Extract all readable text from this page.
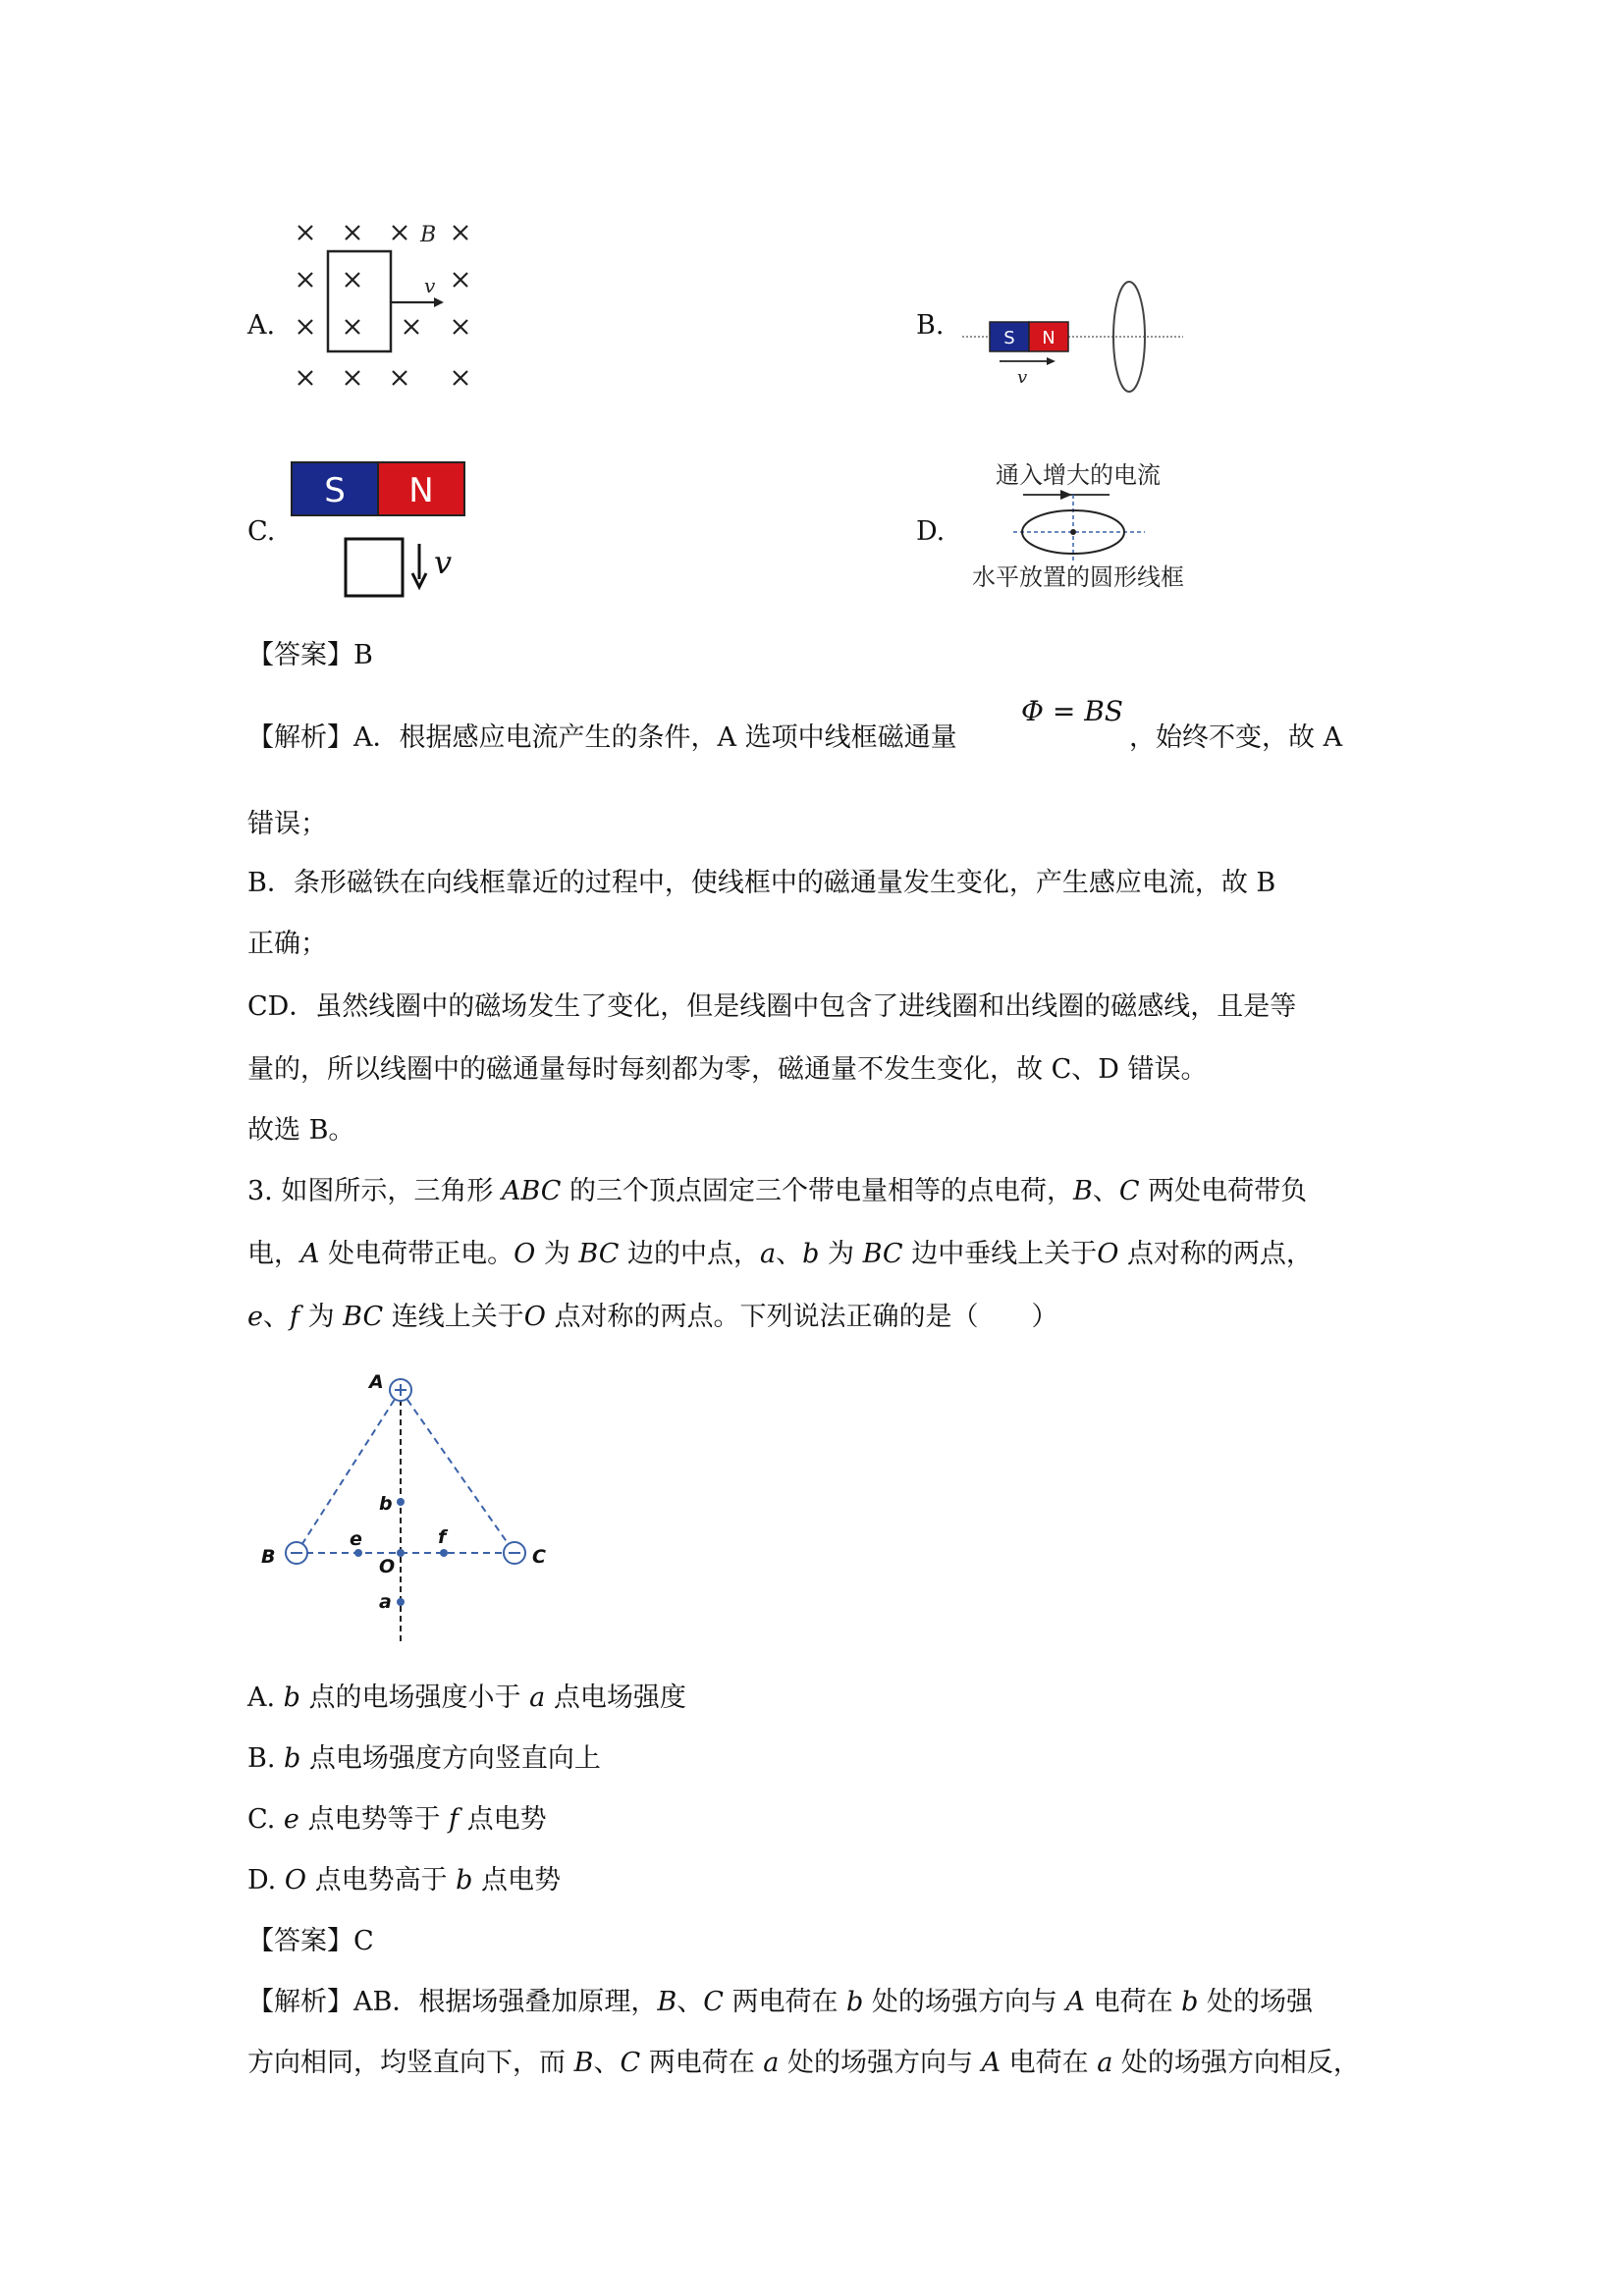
A.
B
v
B.	S N
v
C.
S N
v
D.
通入增大的电流
水平放置的圆形线框
【答案】B
【解析】A．根据感应电流产生的条件，A 选项中线框磁通量
Φ = BS
，始终不变，故 A
错误；
B．条形磁铁在向线框靠近的过程中，使线框中的磁通量发生变化，产生感应电流，故 B
正确；
CD．虽然线圈中的磁场发生了变化，但是线圈中包含了进线圈和出线圈的磁感线，且是等
量的，所以线圈中的磁通量每时每刻都为零，磁通量不发生变化，故 C、D 错误。
故选 B。
3. 如图所示，三角形 ABC 的三个顶点固定三个带电量相等的点电荷，B、C 两处电荷带负
电，A 处电荷带正电。O 为 BC 边的中点，a、b 为 BC 边中垂线上关于O 点对称的两点，
e、f 为 BC 连线上关于O 点对称的两点。下列说法正确的是（　　）
A
B	C
O
b
a
e	f
A. b 点的电场强度小于 a 点电场强度
B. b 点电场强度方向竖直向上
C. e 点电势等于 f 点电势
D. O 点电势高于 b 点电势
【答案】C
【解析】AB．根据场强叠加原理，B、C 两电荷在 b 处的场强方向与 A 电荷在 b 处的场强
方向相同，均竖直向下，而 B、C 两电荷在 a 处的场强方向与 A 电荷在 a 处的场强方向相反，
